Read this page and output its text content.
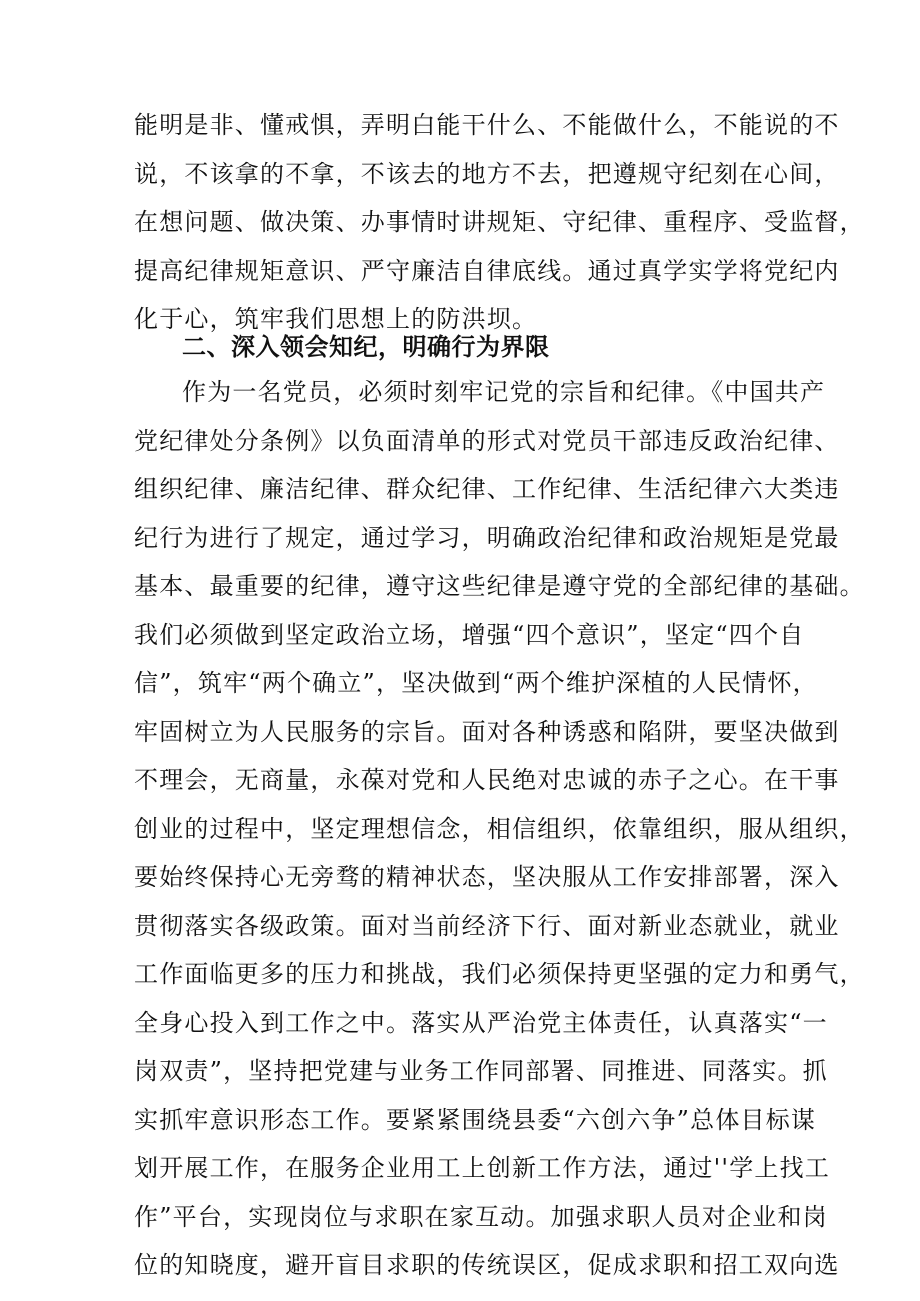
能明是非、懂戒惧，弄明白能干什么、不能做什么，不能说的不
说，不该拿的不拿，不该去的地方不去，把遵规守纪刻在心间，
在想问题、做决策、办事情时讲规矩、守纪律、重程序、受监督，
提高纪律规矩意识、严守廉洁自律底线。通过真学实学将党纪内
化于心，筑牢我们思想上的防洪坝。
二、深入领会知纪，明确行为界限
作为一名党员，必须时刻牢记党的宗旨和纪律。《中国共产
党纪律处分条例》以负面清单的形式对党员干部违反政治纪律、
组织纪律、廉洁纪律、群众纪律、工作纪律、生活纪律六大类违
纪行为进行了规定，通过学习，明确政治纪律和政治规矩是党最
基本、最重要的纪律，遵守这些纪律是遵守党的全部纪律的基础。
我们必须做到坚定政治立场，增强“四个意识”，坚定“四个自
信”，筑牢“两个确立”，坚决做到“两个维护深植的人民情怀，
牢固树立为人民服务的宗旨。面对各种诱惑和陷阱，要坚决做到
不理会，无商量，永葆对党和人民绝对忠诚的赤子之心。在干事
创业的过程中，坚定理想信念，相信组织，依靠组织，服从组织，
要始终保持心无旁骛的精神状态，坚决服从工作安排部署，深入
贯彻落实各级政策。面对当前经济下行、面对新业态就业，就业
工作面临更多的压力和挑战，我们必须保持更坚强的定力和勇气，
全身心投入到工作之中。落实从严治党主体责任，认真落实“一
岗双责”，坚持把党建与业务工作同部署、同推进、同落实。抓
实抓牢意识形态工作。要紧紧围绕县委“六创六争”总体目标谋
划开展工作，在服务企业用工上创新工作方法，通过''学上找工
作”平台，实现岗位与求职在家互动。加强求职人员对企业和岗
位的知晓度，避开盲目求职的传统误区，促成求职和招工双向选
